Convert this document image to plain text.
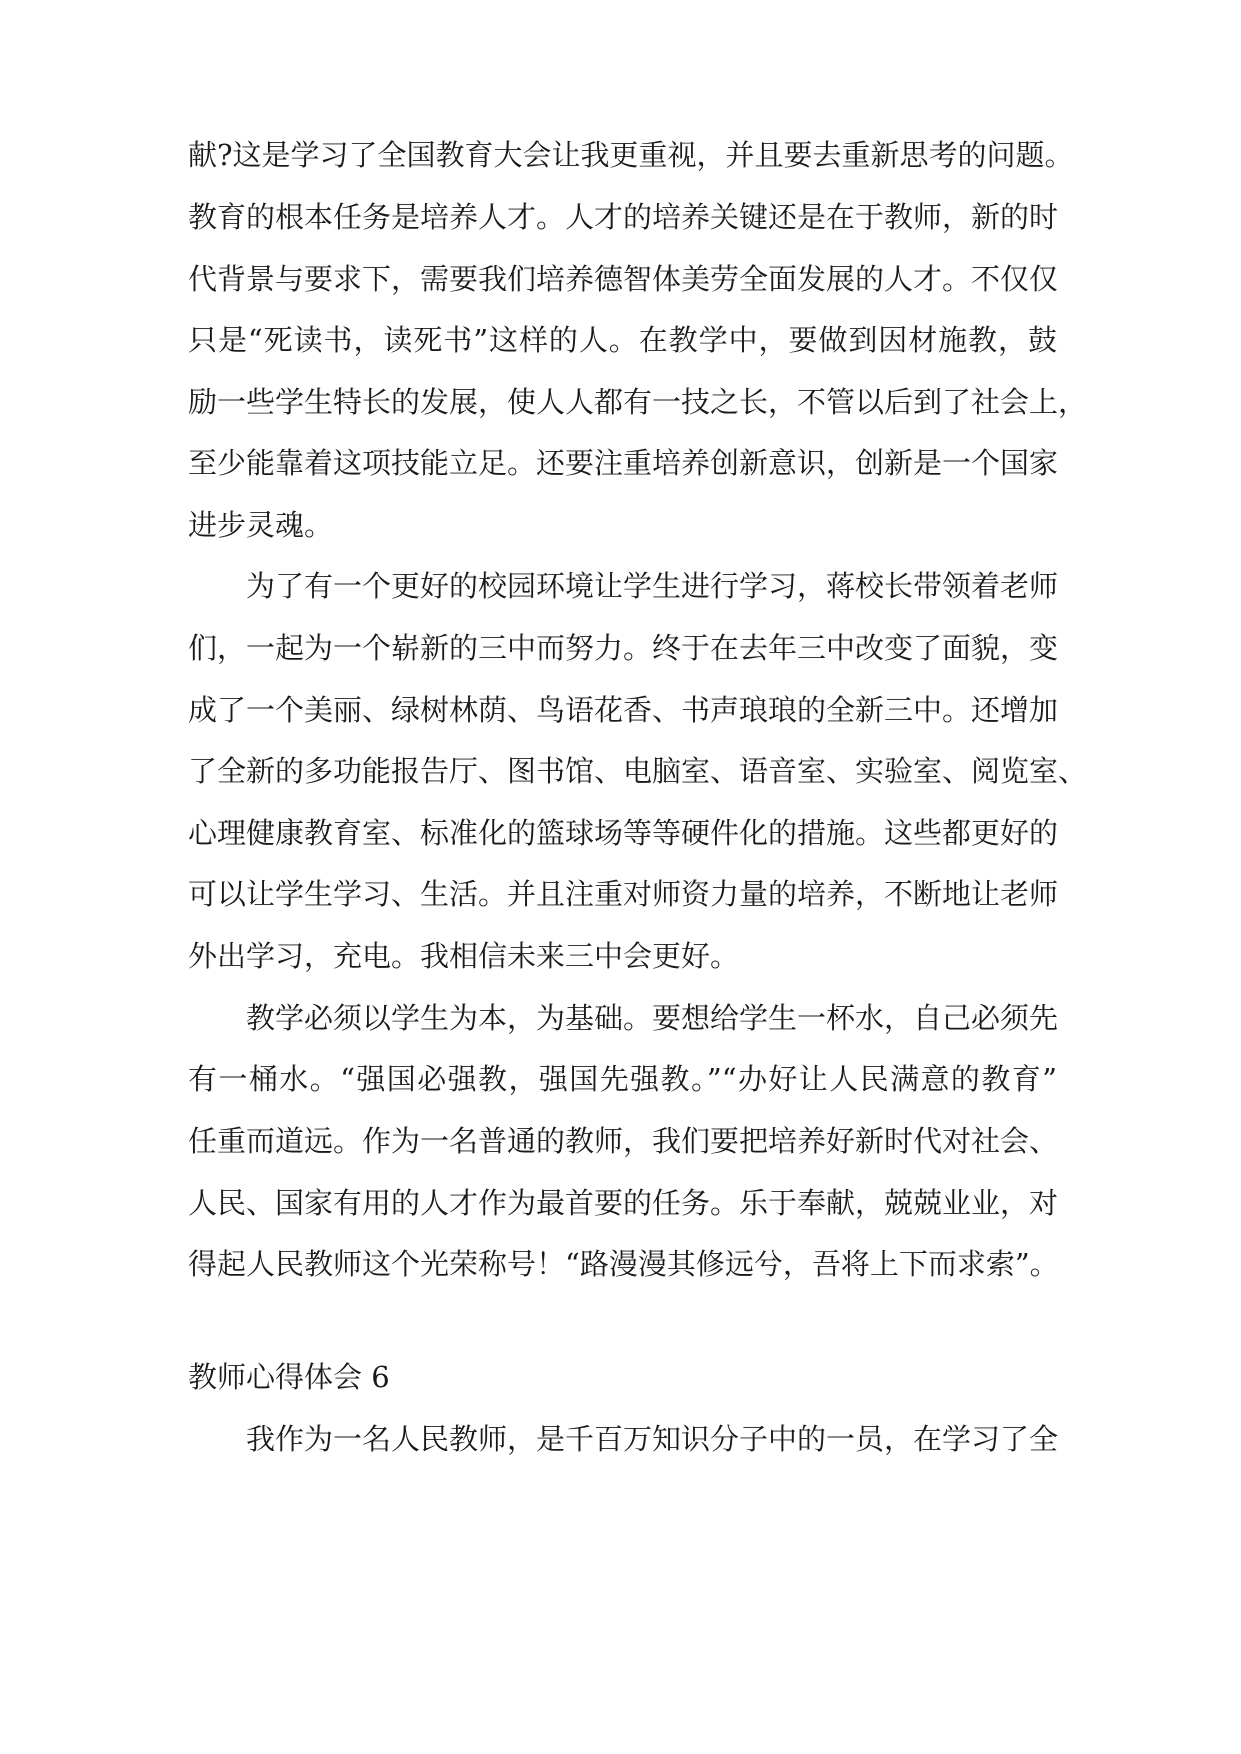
献?这是学习了全国教育大会让我更重视，并且要去重新思考的问题。

教育的根本任务是培养人才。人才的培养关键还是在于教师，新的时

代背景与要求下，需要我们培养德智体美劳全面发展的人才。不仅仅

只是“死读书，读死书”这样的人。在教学中，要做到因材施教，鼓

励一些学生特长的发展，使人人都有一技之长，不管以后到了社会上，

至少能靠着这项技能立足。还要注重培养创新意识，创新是一个国家

进步灵魂。

为了有一个更好的校园环境让学生进行学习，蒋校长带领着老师

们，一起为一个崭新的三中而努力。终于在去年三中改变了面貌，变

成了一个美丽、绿树林荫、鸟语花香、书声琅琅的全新三中。还增加

了全新的多功能报告厅、图书馆、电脑室、语音室、实验室、阅览室、

心理健康教育室、标准化的篮球场等等硬件化的措施。这些都更好的

可以让学生学习、生活。并且注重对师资力量的培养，不断地让老师

外出学习，充电。我相信未来三中会更好。

教学必须以学生为本，为基础。要想给学生一杯水，自己必须先

有一桶水。“强国必强教，强国先强教。”“办好让人民满意的教育”

任重而道远。作为一名普通的教师，我们要把培养好新时代对社会、

人民、国家有用的人才作为最首要的任务。乐于奉献，兢兢业业，对

得起人民教师这个光荣称号！“路漫漫其修远兮，吾将上下而求索”。

教师心得体会 6

我作为一名人民教师，是千百万知识分子中的一员，在学习了全
